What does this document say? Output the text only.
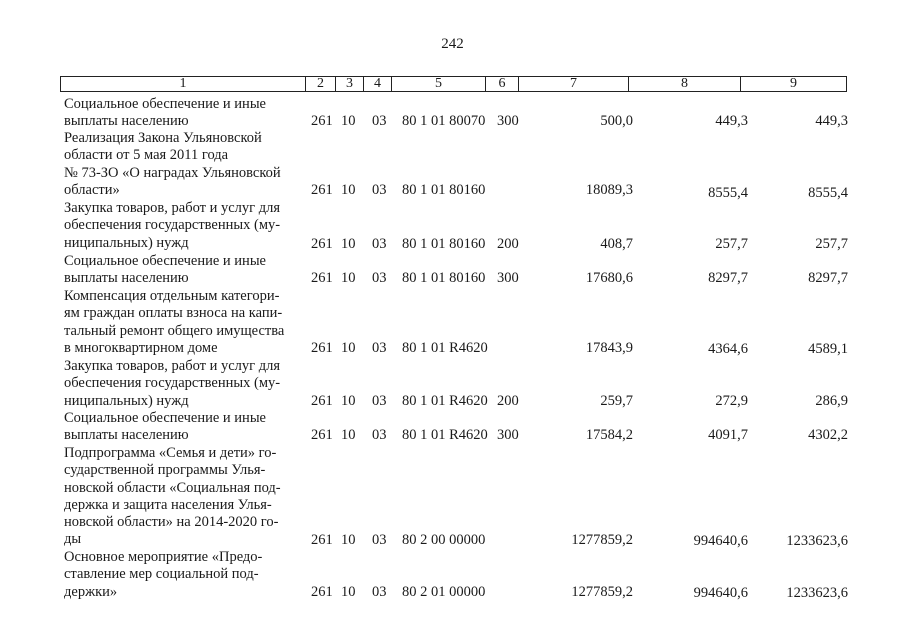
242
1	2	3	4	5	6	7	8	9
Социальное обеспечение и иные
выплаты населению	261 10 03 80 1 01 80070 300	500,0	449,3	449,3
Реализация Закона Ульяновской
области от 5 мая 2011 года
№ 73-ЗО «О наградах Ульяновской
области»	261 10 03 80 1 01 80160	18089,3	8555,4	8555,4
Закупка товаров, работ и услуг для
обеспечения государственных (му-
ниципальных) нужд	261 10 03 80 1 01 80160 200	408,7	257,7	257,7
Социальное обеспечение и иные
выплаты населению	261 10 03 80 1 01 80160 300	17680,6	8297,7	8297,7
Компенсация отдельным категори-
ям граждан оплаты взноса на капи-
тальный ремонт общего имущества
в многоквартирном доме	261 10 03 80 1 01 R4620	17843,9	4364,6	4589,1
Закупка товаров, работ и услуг для
обеспечения государственных (му-
ниципальных) нужд	261 10 03 80 1 01 R4620 200	259,7	272,9	286,9
Социальное обеспечение и иные
выплаты населению	261 10 03 80 1 01 R4620 300	17584,2	4091,7	4302,2
Подпрограмма «Семья и дети» го-
сударственной программы Улья-
новской области «Социальная под-
держка и защита населения Улья-
новской области» на 2014-2020 го-
ды	261 10 03 80 2 00 00000	1277859,2	994640,6	1233623,6
Основное мероприятие «Предо-
ставление мер социальной под-
держки»	261 10 03 80 2 01 00000	1277859,2	994640,6	1233623,6
